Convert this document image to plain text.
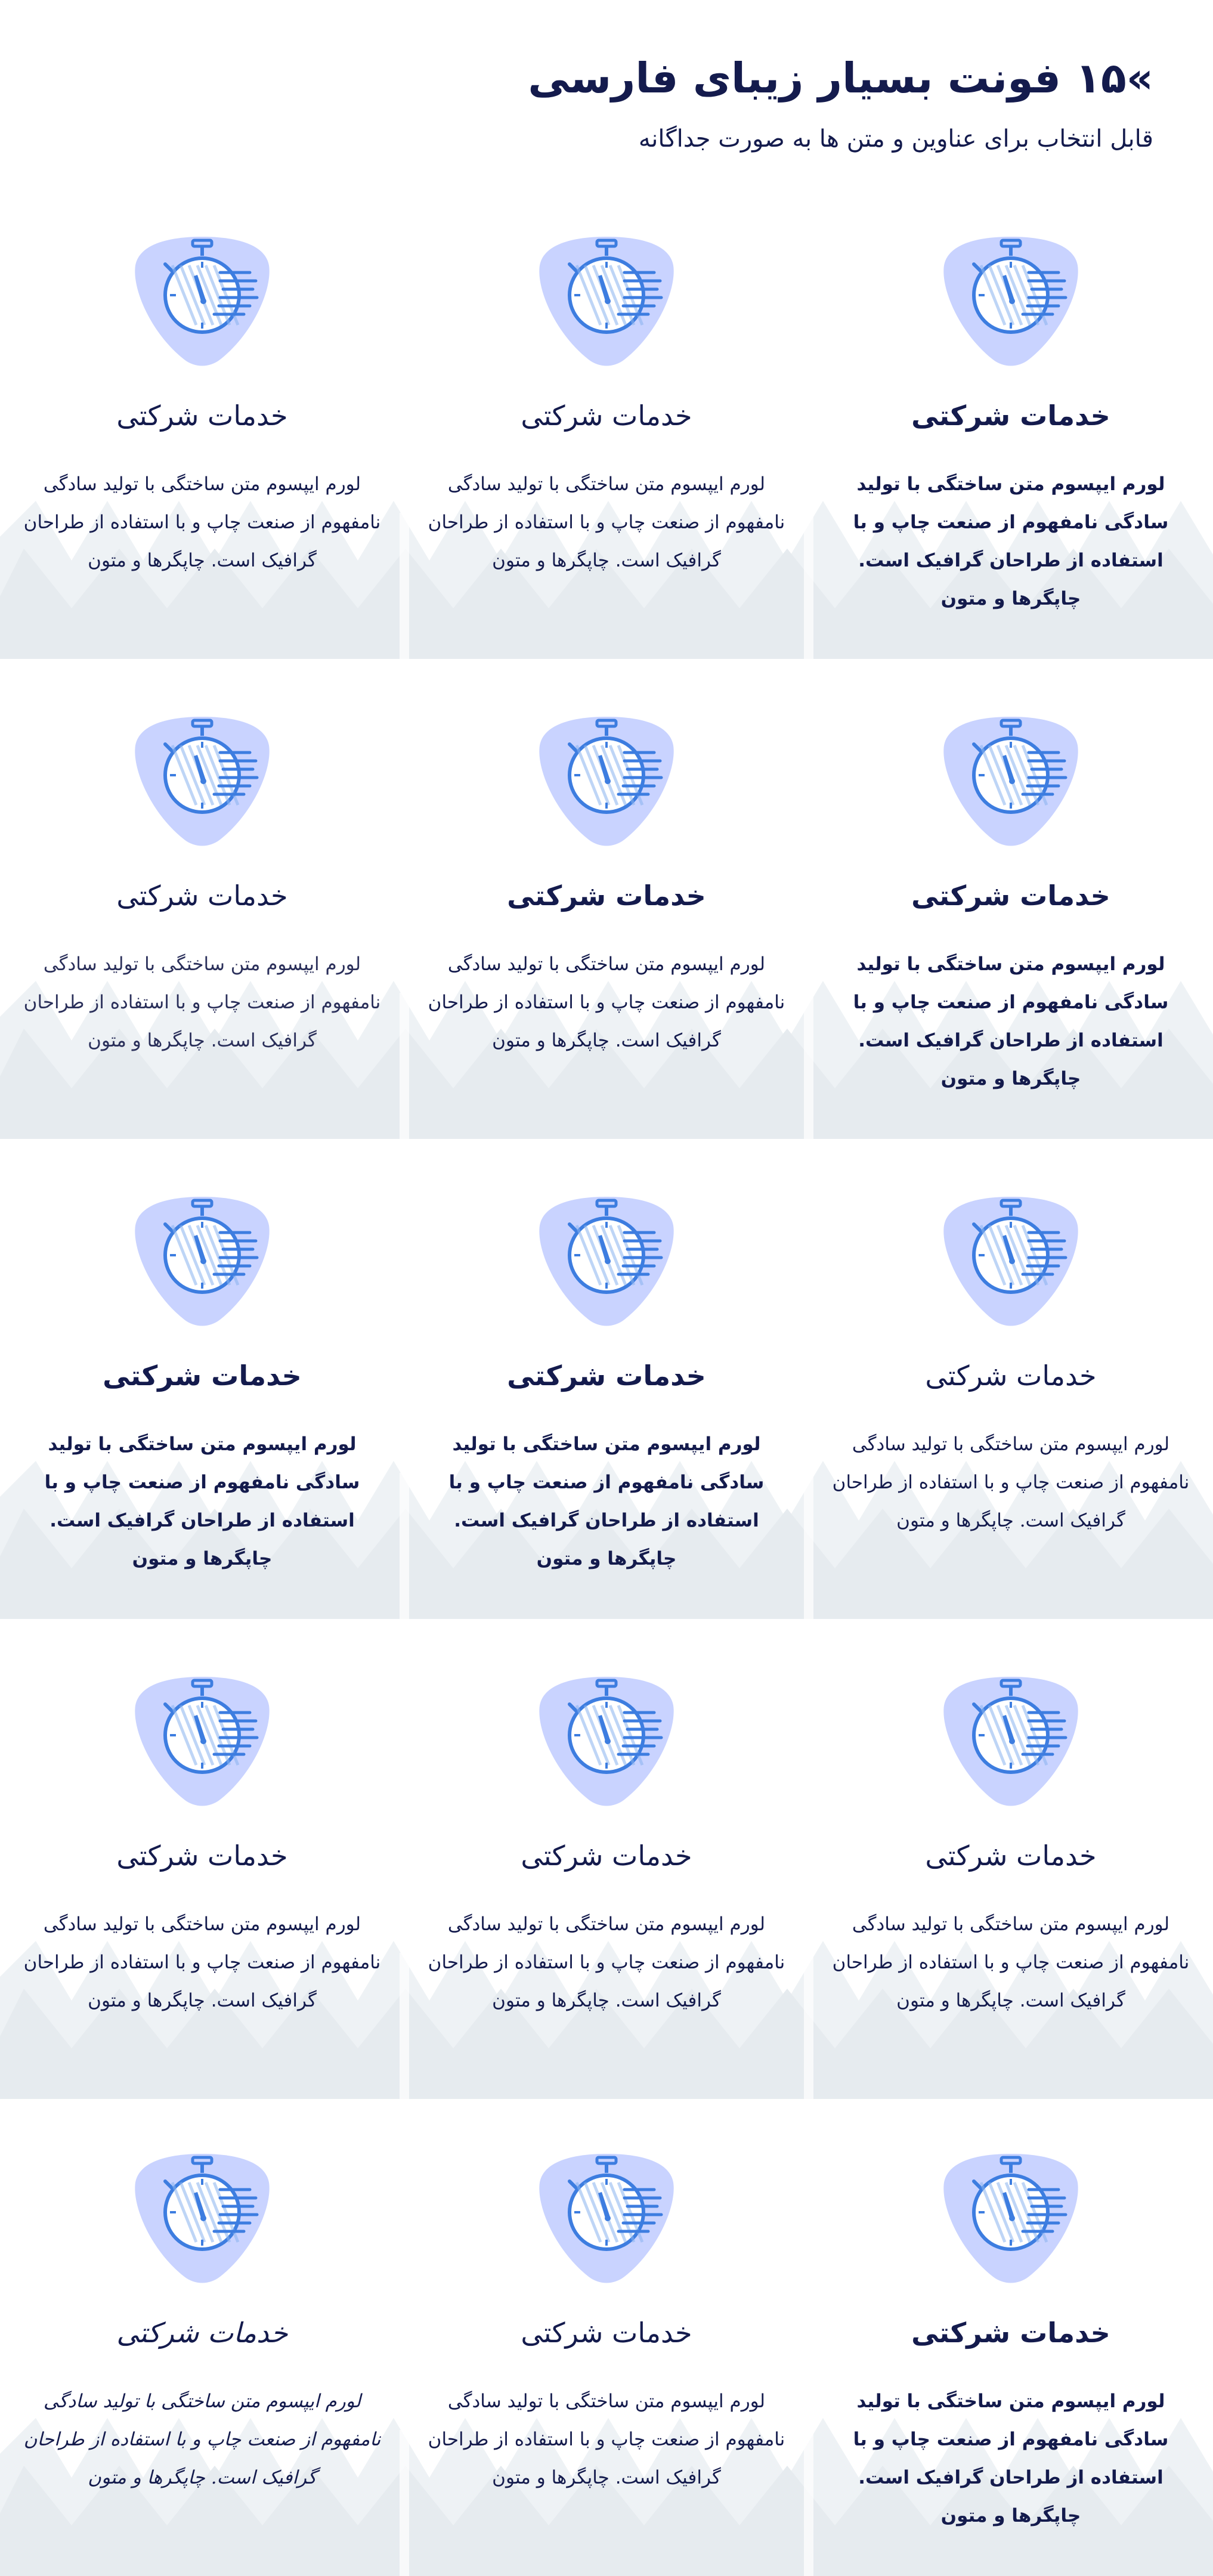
»۱۵ فونت بسیار زیبای فارسی
قابل انتخاب برای عناوین و متن ها به صورت جداگانه
خدمات شرکتی
لورم ایپسوم متن ساختگی با تولید سادگی نامفهوم از صنعت چاپ و با استفاده از طراحان گرافیک است. چاپگرها و متون
خدمات شرکتی
لورم ایپسوم متن ساختگی با تولید سادگی نامفهوم از صنعت چاپ و با استفاده از طراحان گرافیک است. چاپگرها و متون
خدمات شرکتی
لورم ایپسوم متن ساختگی با تولید سادگی نامفهوم از صنعت چاپ و با استفاده از طراحان گرافیک است. چاپگرها و متون
خدمات شرکتی
لورم ایپسوم متن ساختگی با تولید سادگی نامفهوم از صنعت چاپ و با استفاده از طراحان گرافیک است. چاپگرها و متون
خدمات شرکتی
لورم ایپسوم متن ساختگی با تولید سادگی نامفهوم از صنعت چاپ و با استفاده از طراحان گرافیک است. چاپگرها و متون
خدمات شرکتی
لورم ایپسوم متن ساختگی با تولید سادگی نامفهوم از صنعت چاپ و با استفاده از طراحان گرافیک است. چاپگرها و متون
خدمات شرکتی
لورم ایپسوم متن ساختگی با تولید سادگی نامفهوم از صنعت چاپ و با استفاده از طراحان گرافیک است. چاپگرها و متون
خدمات شرکتی
لورم ایپسوم متن ساختگی با تولید سادگی نامفهوم از صنعت چاپ و با استفاده از طراحان گرافیک است. چاپگرها و متون
خدمات شرکتی
لورم ایپسوم متن ساختگی با تولید سادگی نامفهوم از صنعت چاپ و با استفاده از طراحان گرافیک است. چاپگرها و متون
خدمات شرکتی
لورم ایپسوم متن ساختگی با تولید سادگی نامفهوم از صنعت چاپ و با استفاده از طراحان گرافیک است. چاپگرها و متون
خدمات شرکتی
لورم ایپسوم متن ساختگی با تولید سادگی نامفهوم از صنعت چاپ و با استفاده از طراحان گرافیک است. چاپگرها و متون
خدمات شرکتی
لورم ایپسوم متن ساختگی با تولید سادگی نامفهوم از صنعت چاپ و با استفاده از طراحان گرافیک است. چاپگرها و متون
خدمات شرکتی
لورم ایپسوم متن ساختگی با تولید سادگی نامفهوم از صنعت چاپ و با استفاده از طراحان گرافیک است. چاپگرها و متون
خدمات شرکتی
لورم ایپسوم متن ساختگی با تولید سادگی نامفهوم از صنعت چاپ و با استفاده از طراحان گرافیک است. چاپگرها و متون
خدمات شرکتی
لورم ایپسوم متن ساختگی با تولید سادگی نامفهوم از صنعت چاپ و با استفاده از طراحان گرافیک است. چاپگرها و متون
